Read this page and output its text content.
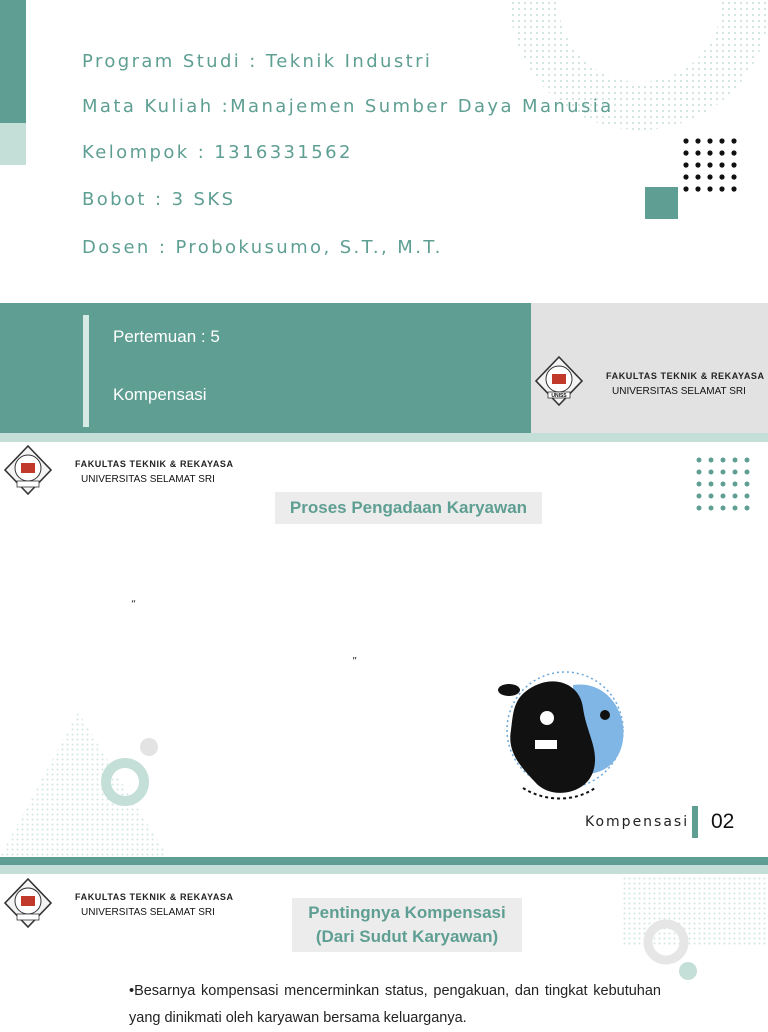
Program Studi : Teknik Industri
Mata Kuliah :Manajemen Sumber Daya Manusia
Kelompok : 1316331562
Bobot : 3 SKS
Dosen : Probokusumo, S.T., M.T.
Pertemuan : 5
Kompensasi	UNISS
FAKULTAS TEKNIK & REKAYASA
UNIVERSITAS SELAMAT SRI
FAKULTAS TEKNIK & REKAYASA
UNIVERSITAS SELAMAT SRI
Proses Pengadaan Karyawan
“
”
Kompensasi 02
FAKULTAS TEKNIK & REKAYASA
UNIVERSITAS SELAMAT SRI	Pentingnya Kompensasi
(Dari Sudut Karyawan)
•Besarnya kompensasi mencerminkan status, pengakuan, dan tingkat kebutuhan yang dinikmati oleh karyawan bersama keluarganya.
